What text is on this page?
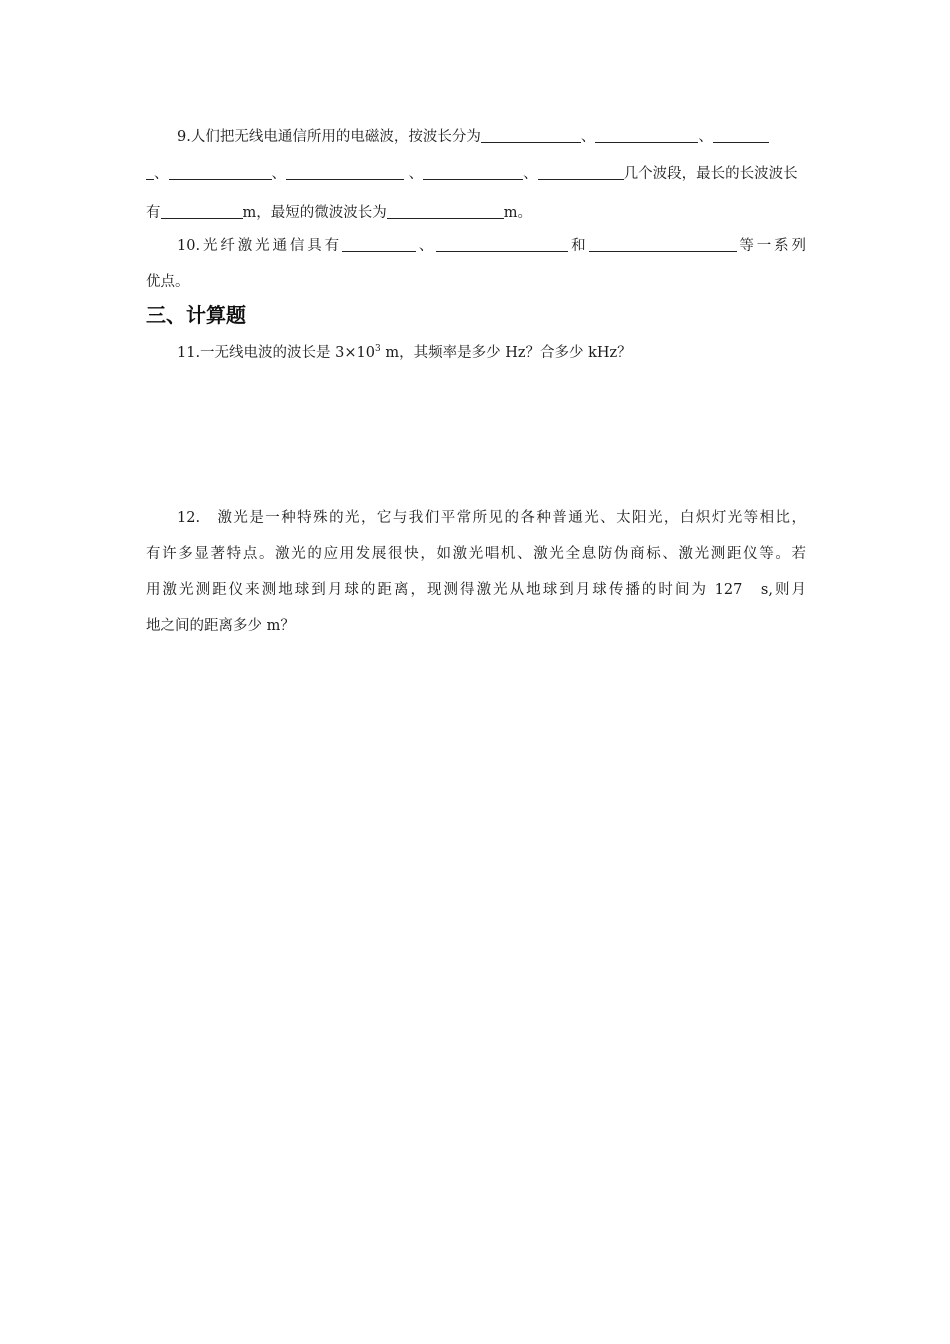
9.人们把无线电通信所用的电磁波，按波长分为	、	、
、	、	、	、	几个波段，最长的长波波长
有	m，最短的微波波长为	m。
10.光纤激光通信具有	、	和	等一系列
优点。
三、计算题
11.一无线电波的波长是 $3\times 10^3$ m，其频率是多少 Hz？合多少 kHz？
12.　激光是一种特殊的光，它与我们平常所见的各种普通光、太阳光，白炽灯光等相比，
有许多显著特点。激光的应用发展很快，如激光唱机、激光全息防伪商标、激光测距仪等。若
用激光测距仪来测地球到月球的距离，现测得激光从地球到月球传播的时间为 127　s,则月
地之间的距离多少 m？
